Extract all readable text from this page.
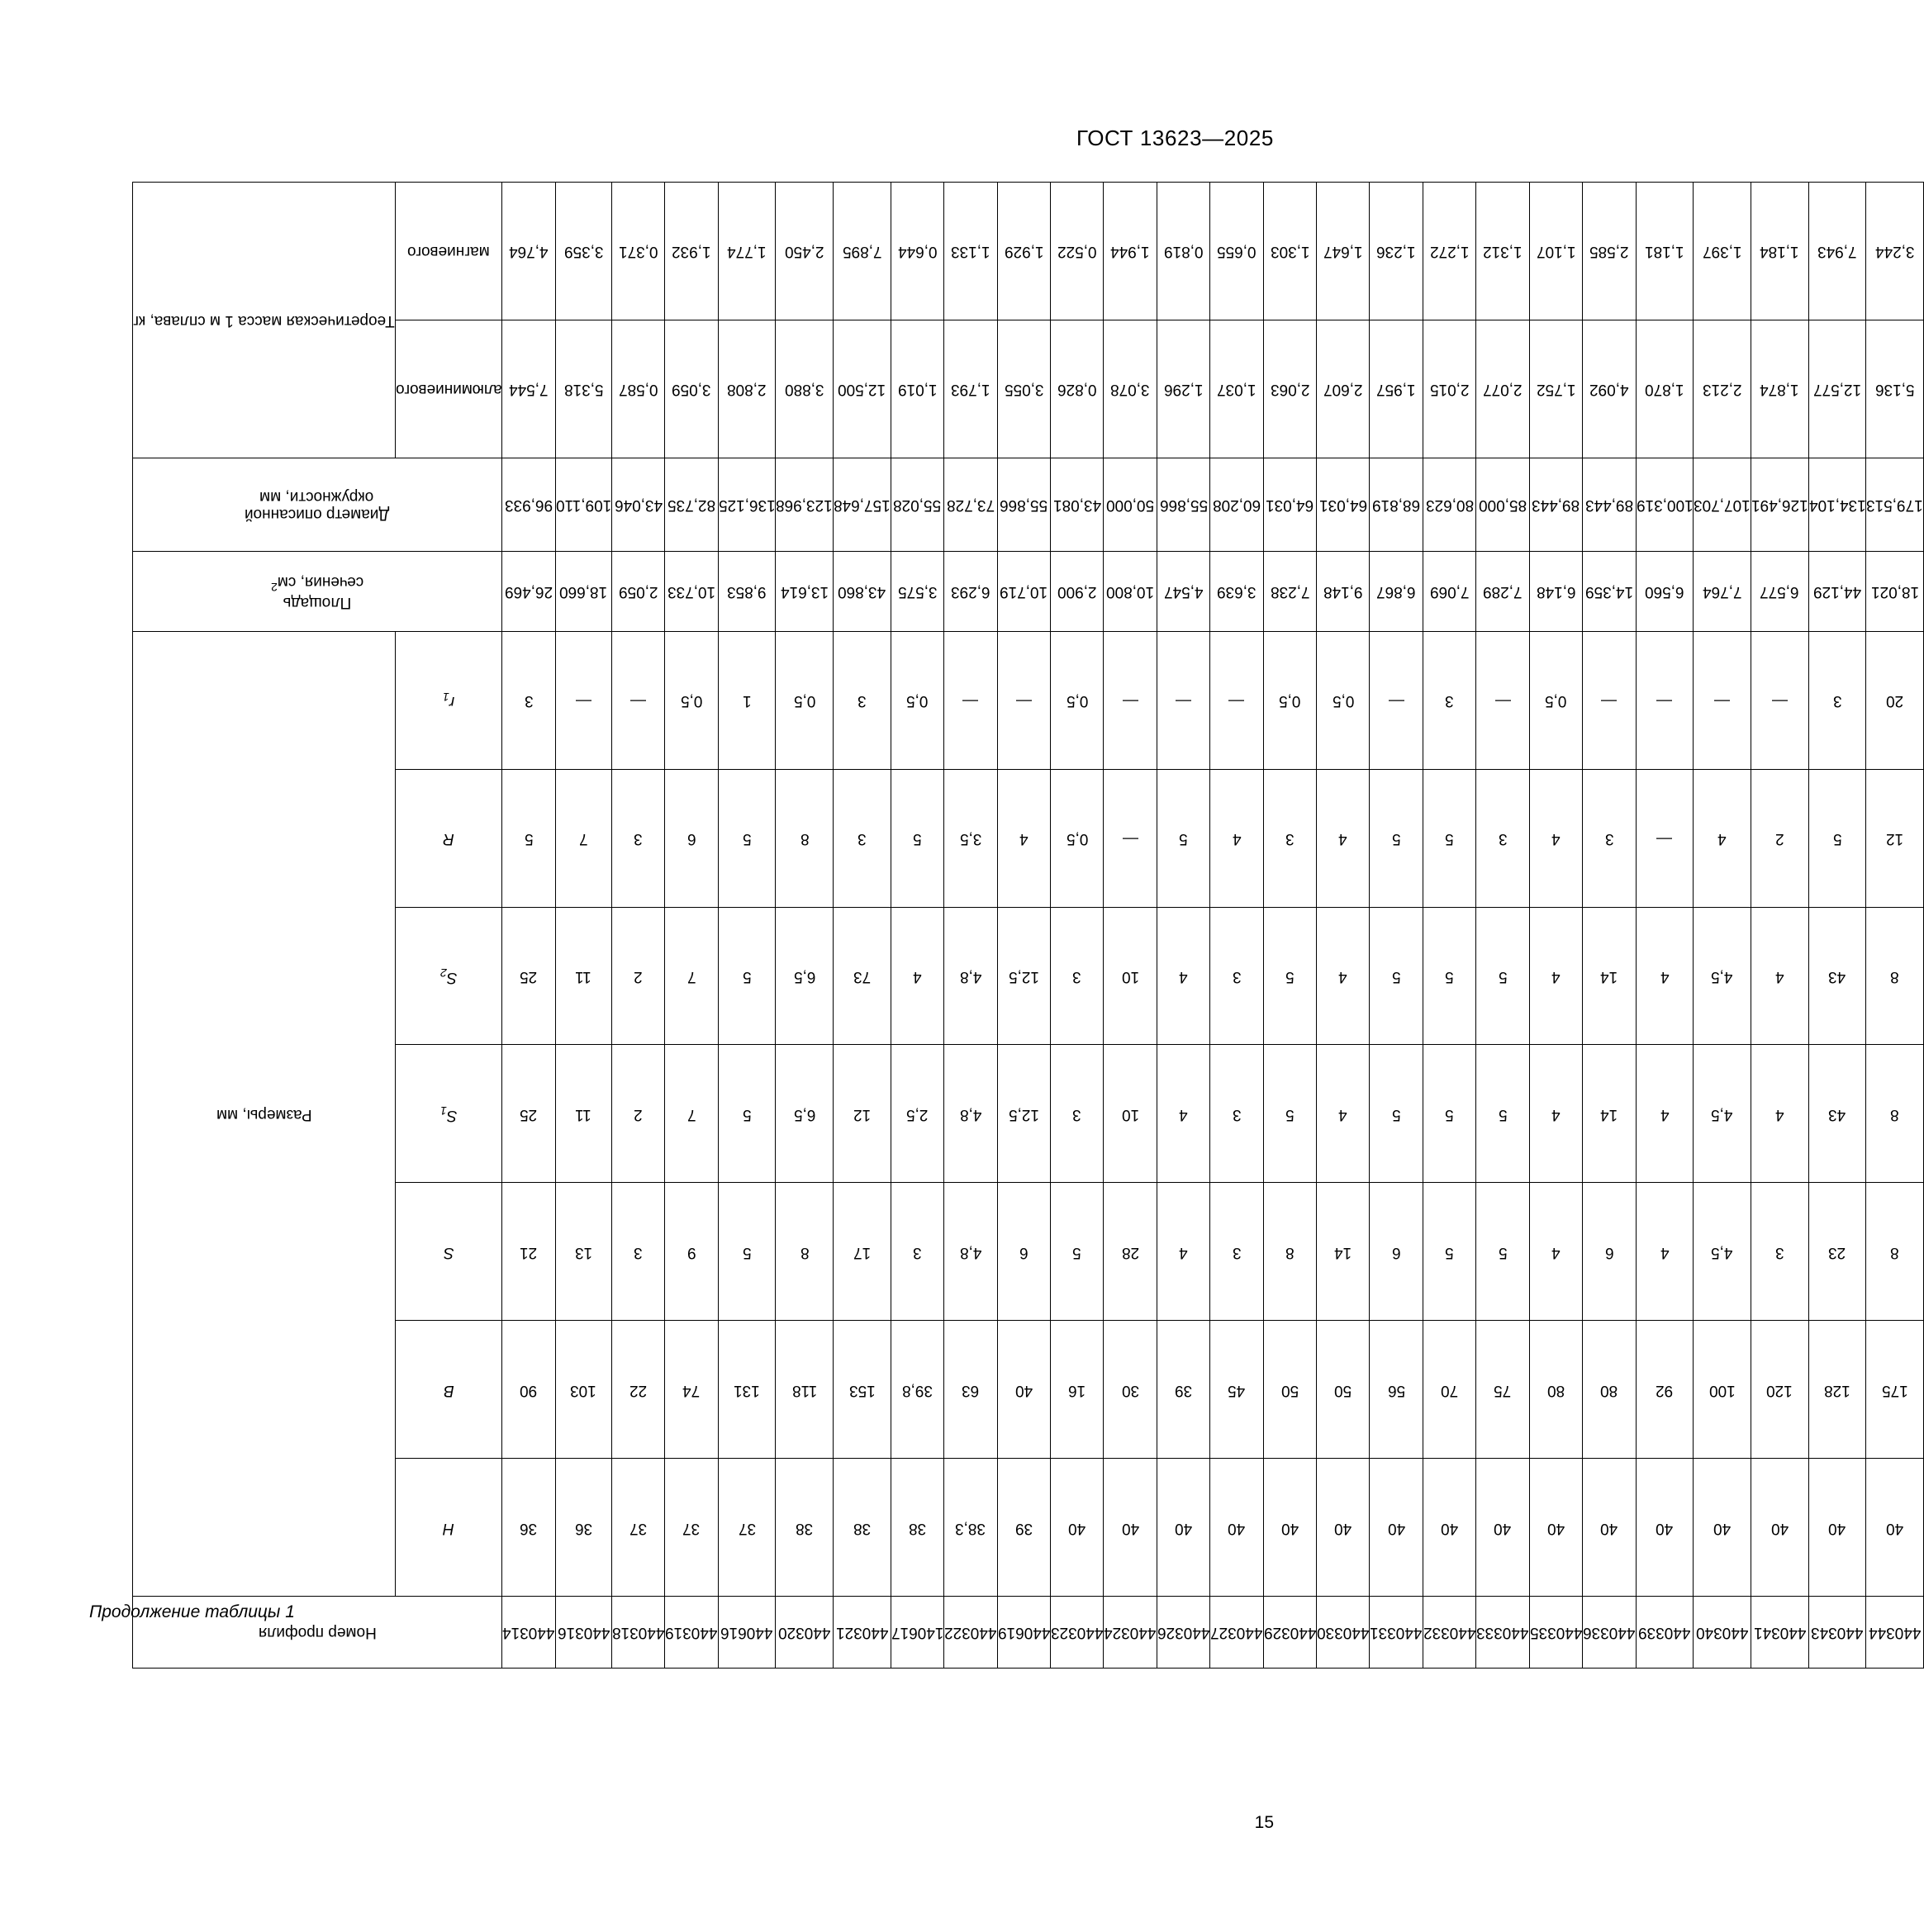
ГОСТ 13623—2025
Продолжение таблицы 1
Номер профиля	Размеры, мм							Площадь
сечения, $см^2$	Диаметр описанной
окружности, мм	Теоретическая масса 1 м сплава, кг	

	H	B	S	$S_1$	$S_2$	R	$r_1$			алюминиевого	магниевого

440314	36	90	21	25	25	5	3	26,469	96,933	7,544	4,764

440316	36	103	13	11	11	7	—	18,660	109,110	5,318	3,359

440318	37	22	3	2	2	3	—	2,059	43,046	0,587	0,371

440319	37	74	9	7	7	6	0,5	10,733	82,735	3,059	1,932

440616	37	131	5	5	5	5	1	9,853	136,125	2,808	1,774

440320	38	118	8	6,5	6,5	8	0,5	13,614	123,968	3,880	2,450

440321	38	153	17	12	73	3	3	43,860	157,648	12,500	7,895

140617	38	39,8	3	2,5	4	5	0,5	3,575	55,028	1,019	0,644

440322	38,3	63	4,8	4,8	4,8	3,5	—	6,293	73,728	1,793	1,133

440619	39	40	6	12,5	12,5	4	—	10,719	55,866	3,055	1,929

440323	40	16	5	3	3	0,5	0,5	2,900	43,081	0,826	0,522

440324	40	30	28	10	10	—	—	10,800	50,000	3,078	1,944

440326	40	39	4	4	4	5	—	4,547	55,866	1,296	0,819

440327	40	45	3	3	3	4	—	3,639	60,208	1,037	0,655

440329	40	50	8	5	5	3	0,5	7,238	64,031	2,063	1,303

440330	40	50	14	4	4	4	0,5	9,148	64,031	2,607	1,647

440331	40	56	6	5	5	5	—	6,867	68,819	1,957	1,236

440332	40	70	5	5	5	5	3	7,069	80,623	2,015	1,272

440333	40	75	5	5	5	3	—	7,289	85,000	2,077	1,312

440335	40	80	4	4	4	4	0,5	6,148	89,443	1,752	1,107

440336	40	80	6	14	14	3	—	14,359	89,443	4,092	2,585

440339	40	92	4	4	4	—	—	6,560	100,319	1,870	1,181

440340	40	100	4,5	4,5	4,5	4	—	7,764	107,703	2,213	1,397

440341	40	120	3	4	4	2	—	6,577	126,491	1,874	1,184

440343	40	128	23	43	43	5	3	44,129	134,104	12,577	7,943

440344	40	175	8	8	8	12	20	18,021	179,513	5,136	3,244
15
